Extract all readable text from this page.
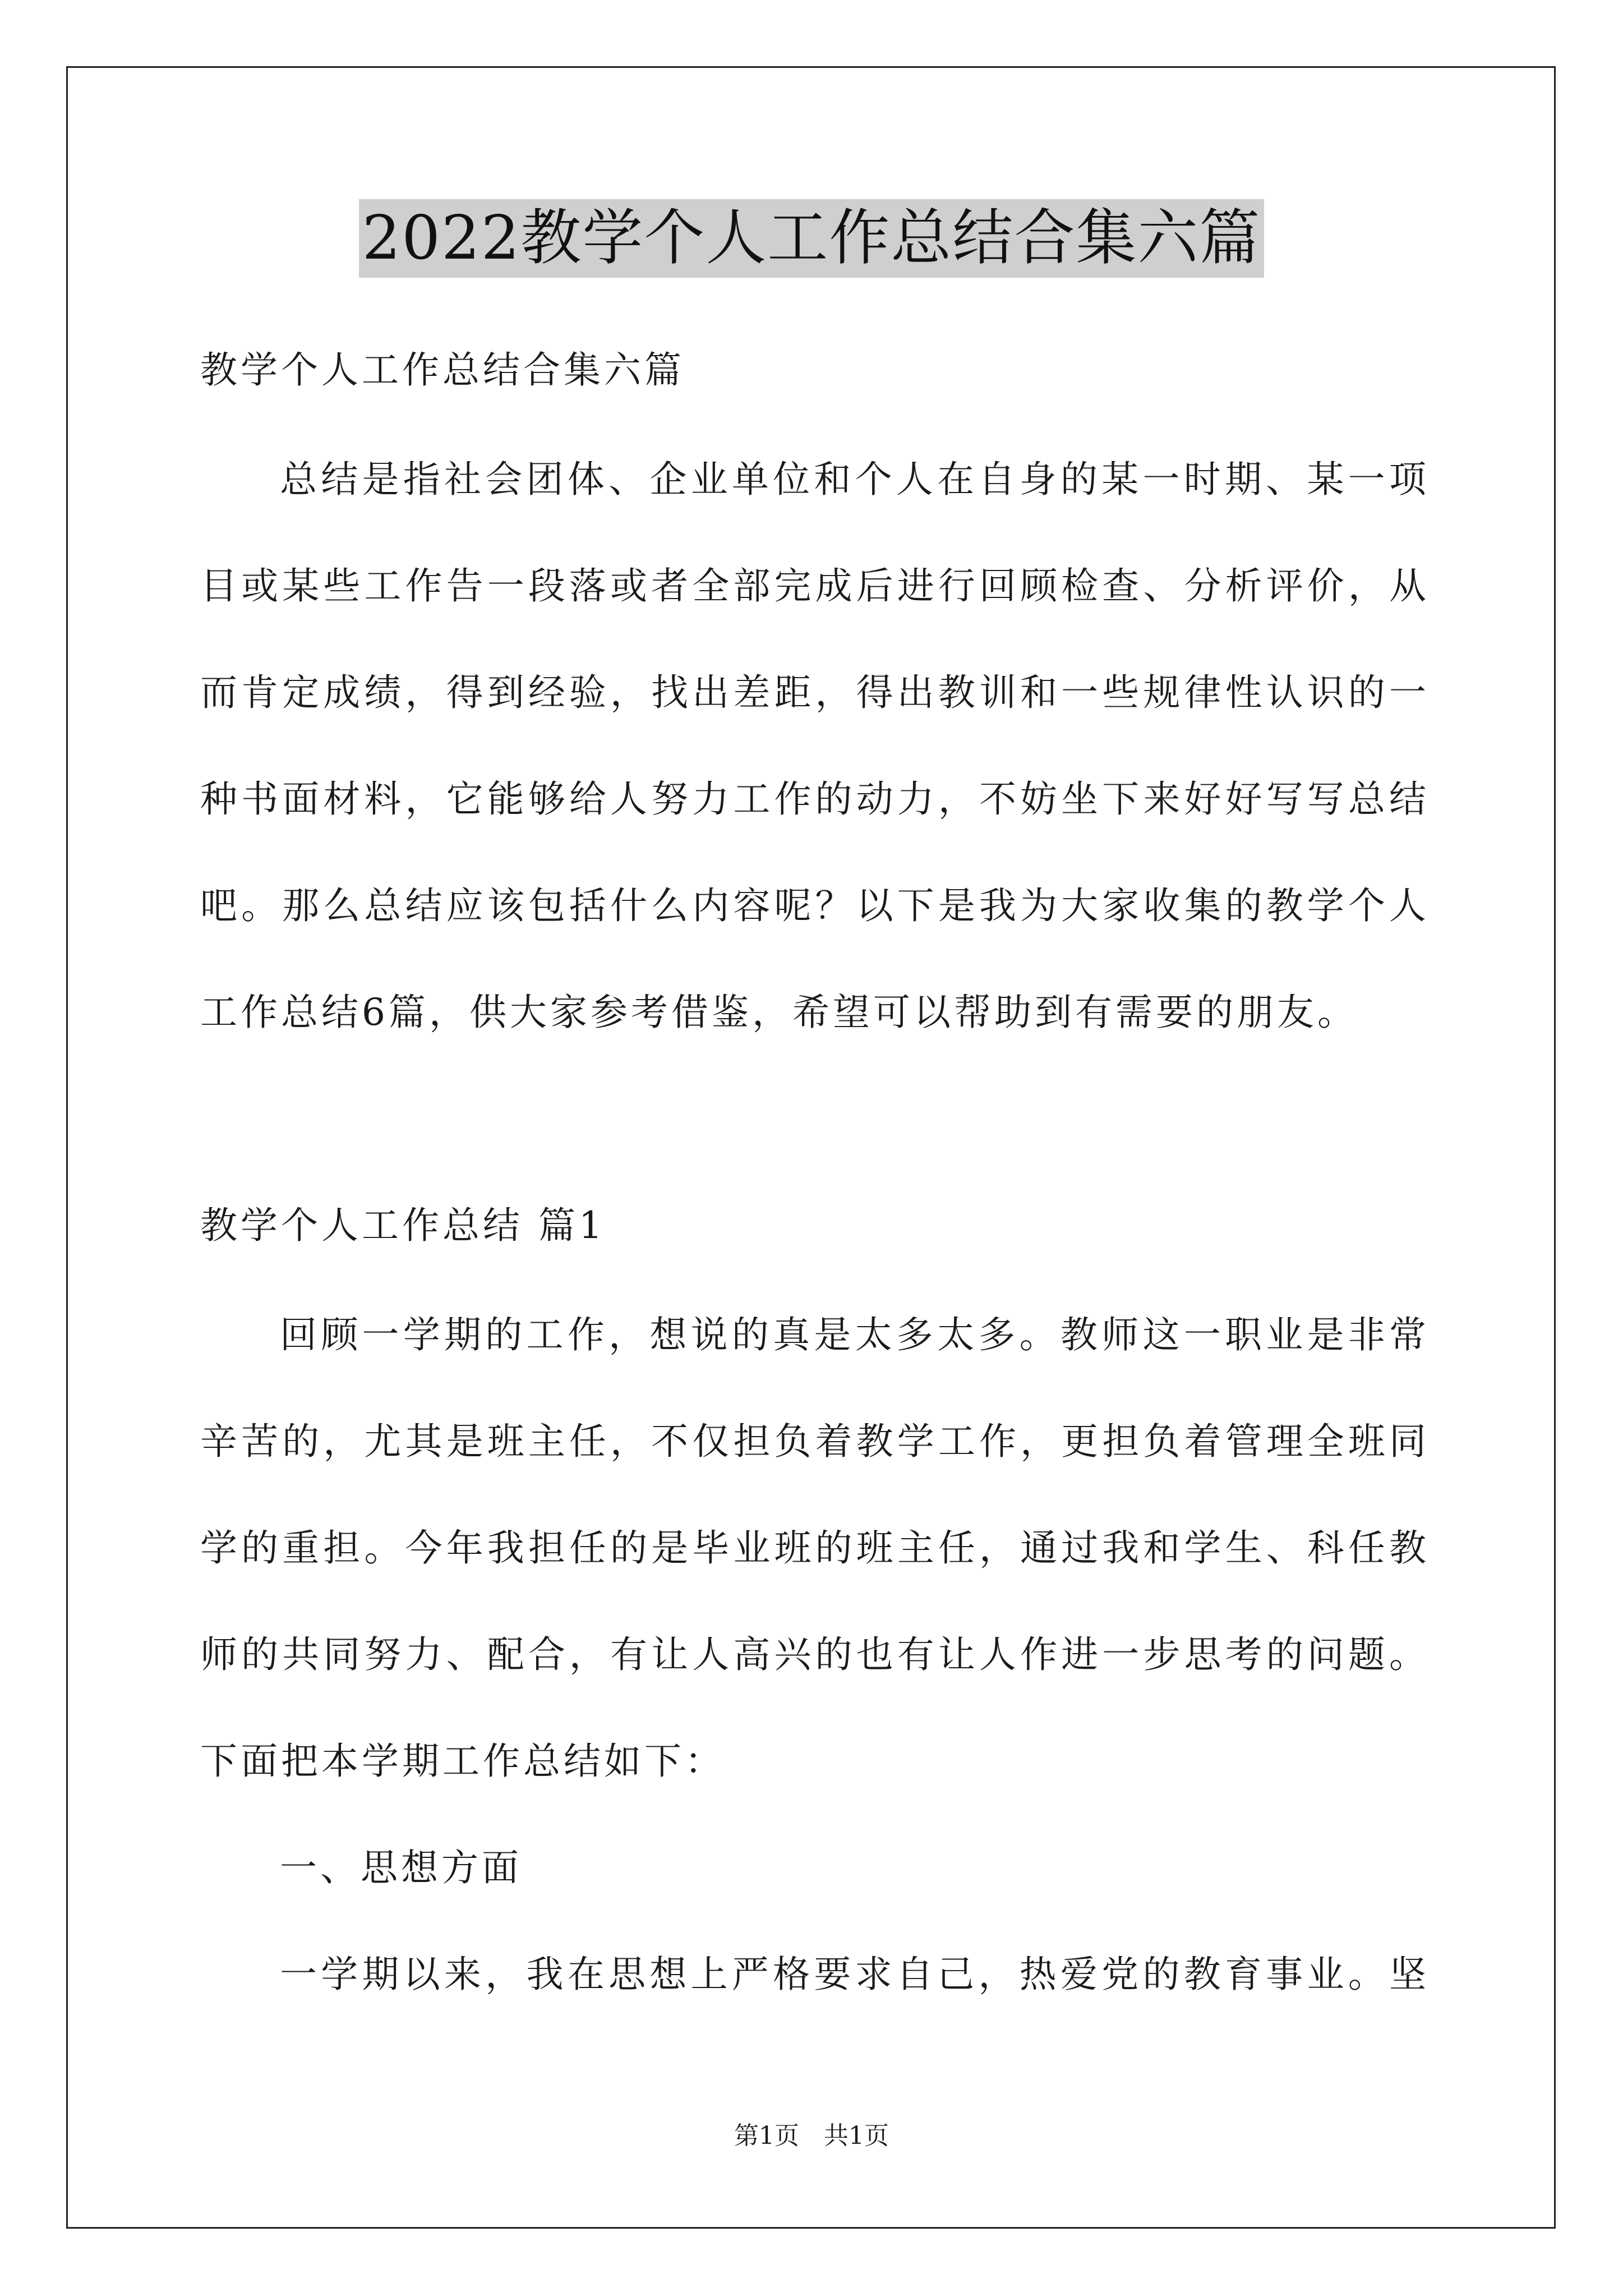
2022教学个人工作总结合集六篇
教学个人工作总结合集六篇
总结是指社会团体、企业单位和个人在自身的某一时期、某一项
目或某些工作告一段落或者全部完成后进行回顾检查、分析评价，从
而肯定成绩，得到经验，找出差距，得出教训和一些规律性认识的一
种书面材料，它能够给人努力工作的动力，不妨坐下来好好写写总结
吧。那么总结应该包括什么内容呢？以下是我为大家收集的教学个人
工作总结6篇，供大家参考借鉴，希望可以帮助到有需要的朋友。
教学个人工作总结 篇1
回顾一学期的工作，想说的真是太多太多。教师这一职业是非常
辛苦的，尤其是班主任，不仅担负着教学工作，更担负着管理全班同
学的重担。今年我担任的是毕业班的班主任，通过我和学生、科任教
师的共同努力、配合，有让人高兴的也有让人作进一步思考的问题。
下面把本学期工作总结如下：
一、思想方面
一学期以来，我在思想上严格要求自己，热爱党的教育事业。坚
第1页　共1页
